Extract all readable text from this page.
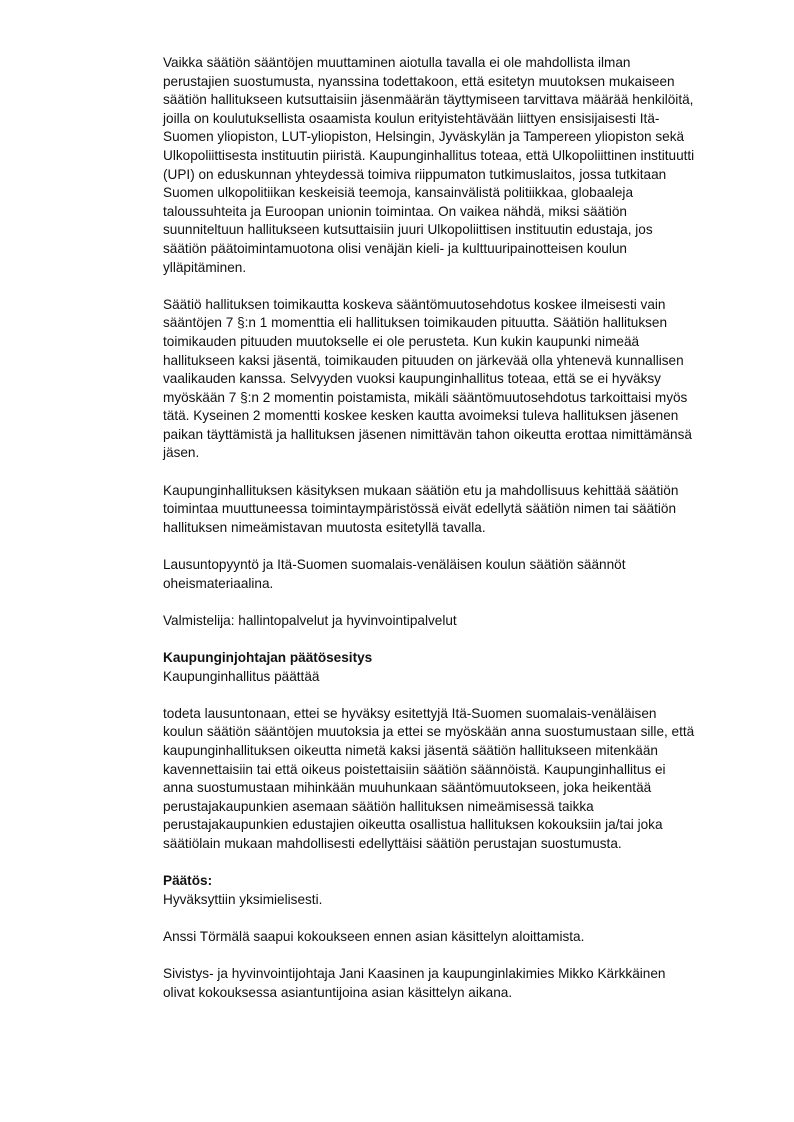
Vaikka säätiön sääntöjen muuttaminen aiotulla tavalla ei ole mahdollista ilman
perustajien suostumusta, nyanssina todettakoon, että esitetyn muutoksen mukaiseen
säätiön hallitukseen kutsuttaisiin jäsenmäärän täyttymiseen tarvittava määrää henkilöitä,
joilla on koulutuksellista osaamista koulun erityistehtävään liittyen ensisijaisesti Itä-
Suomen yliopiston, LUT-yliopiston, Helsingin, Jyväskylän ja Tampereen yliopiston sekä
Ulkopoliittisesta instituutin piiristä. Kaupunginhallitus toteaa, että Ulkopoliittinen instituutti
(UPI) on eduskunnan yhteydessä toimiva riippumaton tutkimuslaitos, jossa tutkitaan
Suomen ulkopolitiikan keskeisiä teemoja, kansainvälistä politiikkaa, globaaleja
taloussuhteita ja Euroopan unionin toimintaa. On vaikea nähdä, miksi säätiön
suunniteltuun hallitukseen kutsuttaisiin juuri Ulkopoliittisen instituutin edustaja, jos
säätiön päätoimintamuotona olisi venäjän kieli- ja kulttuuripainotteisen koulun
ylläpitäminen.
Säätiö hallituksen toimikautta koskeva sääntömuutosehdotus koskee ilmeisesti vain
sääntöjen 7 §:n 1 momenttia eli hallituksen toimikauden pituutta. Säätiön hallituksen
toimikauden pituuden muutokselle ei ole perusteta. Kun kukin kaupunki nimeää
hallitukseen kaksi jäsentä, toimikauden pituuden on järkevää olla yhtenevä kunnallisen
vaalikauden kanssa. Selvyyden vuoksi kaupunginhallitus toteaa, että se ei hyväksy
myöskään 7 §:n 2 momentin poistamista, mikäli sääntömuutosehdotus tarkoittaisi myös
tätä. Kyseinen 2 momentti koskee kesken kautta avoimeksi tuleva hallituksen jäsenen
paikan täyttämistä ja hallituksen jäsenen nimittävän tahon oikeutta erottaa nimittämänsä
jäsen.
Kaupunginhallituksen käsityksen mukaan säätiön etu ja mahdollisuus kehittää säätiön
toimintaa muuttuneessa toimintaympäristössä eivät edellytä säätiön nimen tai säätiön
hallituksen nimeämistavan muutosta esitetyllä tavalla.
Lausuntopyyntö ja Itä-Suomen suomalais-venäläisen koulun säätiön säännöt
oheismateriaalina.
Valmistelija: hallintopalvelut ja hyvinvointipalvelut
Kaupunginjohtajan päätösesitys
Kaupunginhallitus päättää
todeta lausuntonaan, ettei se hyväksy esitettyjä Itä-Suomen suomalais-venäläisen
koulun säätiön sääntöjen muutoksia ja ettei se myöskään anna suostumustaan sille, että
kaupunginhallituksen oikeutta nimetä kaksi jäsentä säätiön hallitukseen mitenkään
kavennettaisiin tai että oikeus poistettaisiin säätiön säännöistä. Kaupunginhallitus ei
anna suostumustaan mihinkään muuhunkaan sääntömuutokseen, joka heikentää
perustajakaupunkien asemaan säätiön hallituksen nimeämisessä taikka
perustajakaupunkien edustajien oikeutta osallistua hallituksen kokouksiin ja/tai joka
säätiölain mukaan mahdollisesti edellyttäisi säätiön perustajan suostumusta.
Päätös:
Hyväksyttiin yksimielisesti.
Anssi Törmälä saapui kokoukseen ennen asian käsittelyn aloittamista.
Sivistys- ja hyvinvointijohtaja Jani Kaasinen ja kaupunginlakimies Mikko Kärkkäinen
olivat kokouksessa asiantuntijoina asian käsittelyn aikana.
